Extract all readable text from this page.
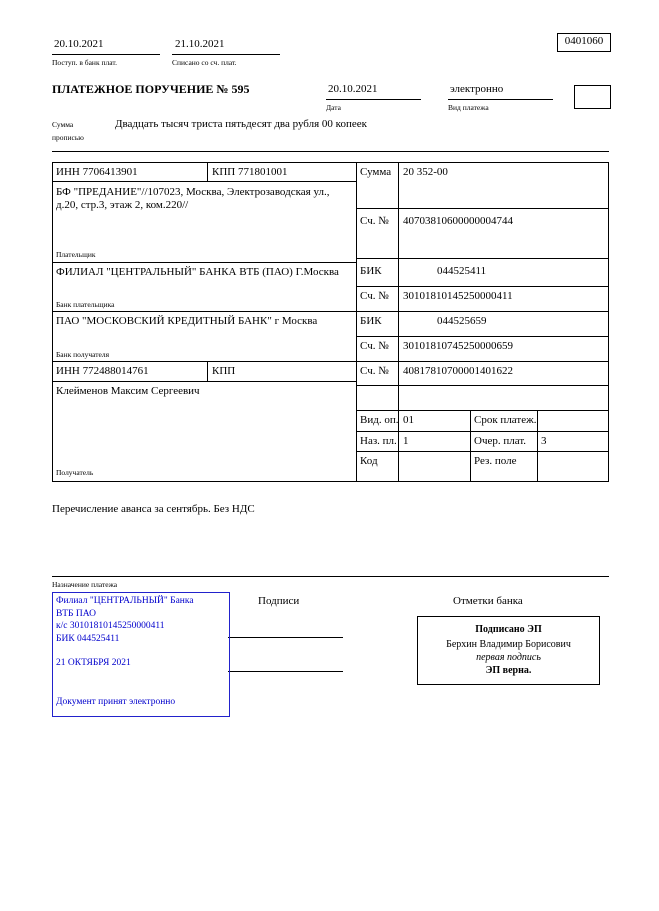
0401060
20.10.2021
Поступ. в банк плат.
21.10.2021
Списано со сч. плат.
ПЛАТЕЖНОЕ ПОРУЧЕНИЕ № 595	20.10.2021
Дата
электронно
Вид платежа
Сумма
прописью
Двадцать тысяч триста пятьдесят два рубля 00 копеек
ИНН 7706413901	КПП 771801001
БФ "ПРЕДАНИЕ"//107023, Москва, Электрозаводская ул., д.20, стр.3, этаж 2, ком.220//
Плательщик
ФИЛИАЛ "ЦЕНТРАЛЬНЫЙ" БАНКА ВТБ (ПАО) Г.Москва
Банк плательщика
ПАО "МОСКОВСКИЙ КРЕДИТНЫЙ БАНК" г Москва
Банк получателя
ИНН 772488014761	КПП
Клейменов Максим Сергеевич
Получатель
Сумма 20 352-00
Сч. № 40703810600000004744
БИК	044525411
Сч. № 30101810145250000411
БИК	044525659
Сч. № 30101810745250000659
Сч. № 40817810700001401622
Вид. оп. 01	Срок платеж.
Наз. пл. 1	Очер. плат. 3
Код	Рез. поле
Перечисление аванса за сентябрь. Без НДС
Назначение платежа
Подписи	Отметки банка
Филиал "ЦЕНТРАЛЬНЫЙ" Банка
ВТБ ПАО
к/с 30101810145250000411
БИК 044525411
21 ОКТЯБРЯ 2021
Документ принят электронно
Подписано ЭП
Берхин Владимир Борисович
первая подпись
ЭП верна.
